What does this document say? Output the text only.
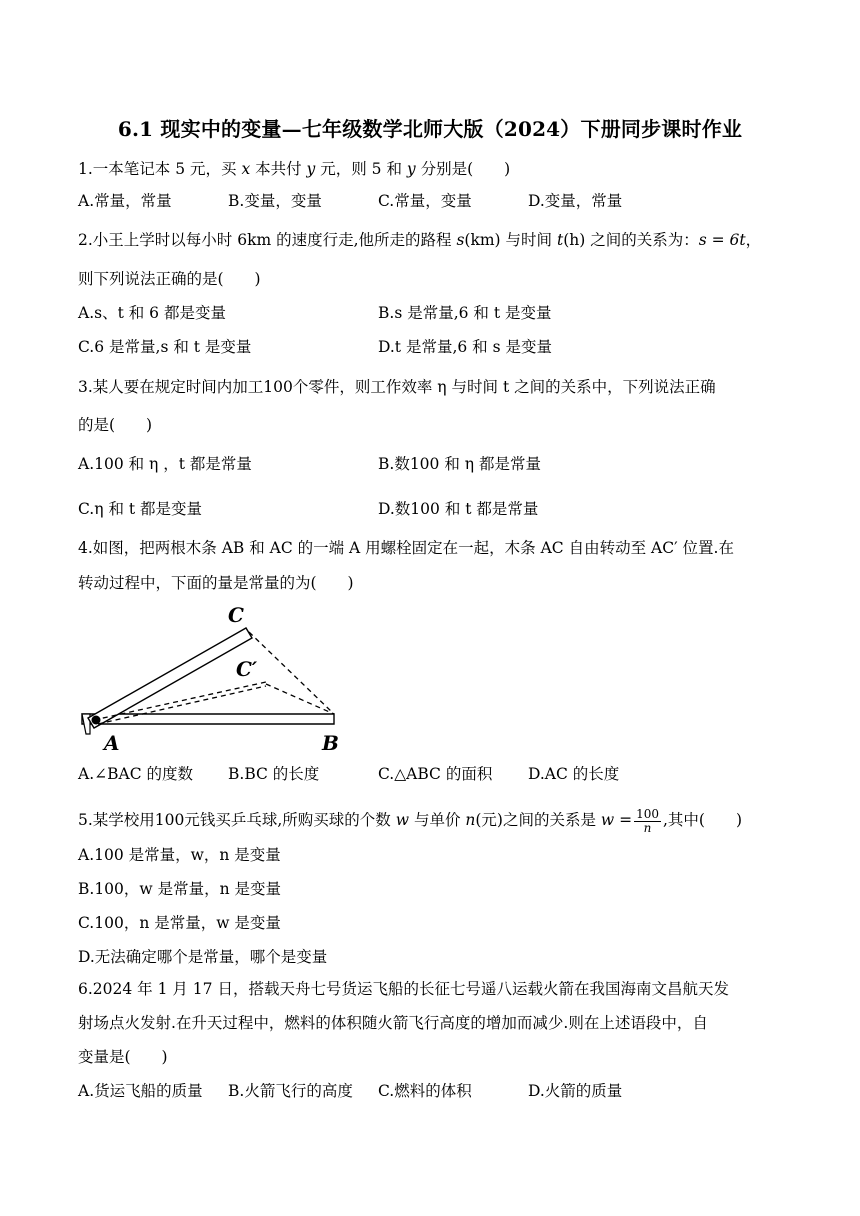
6.1 现实中的变量—七年级数学北师大版（2024）下册同步课时作业
1.一本笔记本 5 元，买 x 本共付 y 元，则 5 和 y 分别是(　　)
A.常量，常量	B.变量，变量	C.常量，变量	D.变量，常量
2.小王上学时以每小时 6km 的速度行走,他所走的路程 s(km) 与时间 t(h) 之间的关系为：s = 6t，
则下列说法正确的是(　　)
A.s、t 和 6 都是变量	B.s 是常量,6 和 t 是变量
C.6 是常量,s 和 t 是变量	D.t 是常量,6 和 s 是变量
3.某人要在规定时间内加工100个零件，则工作效率 η 与时间 t 之间的关系中，下列说法正确
的是(　　)
A.100 和 η ，t 都是常量	B.数100 和 η 都是常量
C.η 和 t 都是变量	D.数100 和 t 都是常量
4.如图，把两根木条 AB 和 AC 的一端 A 用螺栓固定在一起，木条 AC 自由转动至 AC′ 位置.在
转动过程中，下面的量是常量的为(　　)
C
C′
A	B
A.∠BAC 的度数 B.BC 的长度	C.△ABC 的面积 D.AC 的长度
5.某学校用100元钱买乒乓球,所购买球的个数 w 与单价 n(元)之间的关系是 $w = \frac{100}{n}$ ,其中(　　)
A.100 是常量，w，n 是变量
B.100，w 是常量，n 是变量
C.100，n 是常量，w 是变量
D.无法确定哪个是常量，哪个是变量
6.2024 年 1 月 17 日，搭载天舟七号货运飞船的长征七号遥八运载火箭在我国海南文昌航天发
射场点火发射.在升天过程中，燃料的体积随火箭飞行高度的增加而减少.则在上述语段中，自
变量是(　　)
A.货运飞船的质量 B.火箭飞行的高度 C.燃料的体积	D.火箭的质量
